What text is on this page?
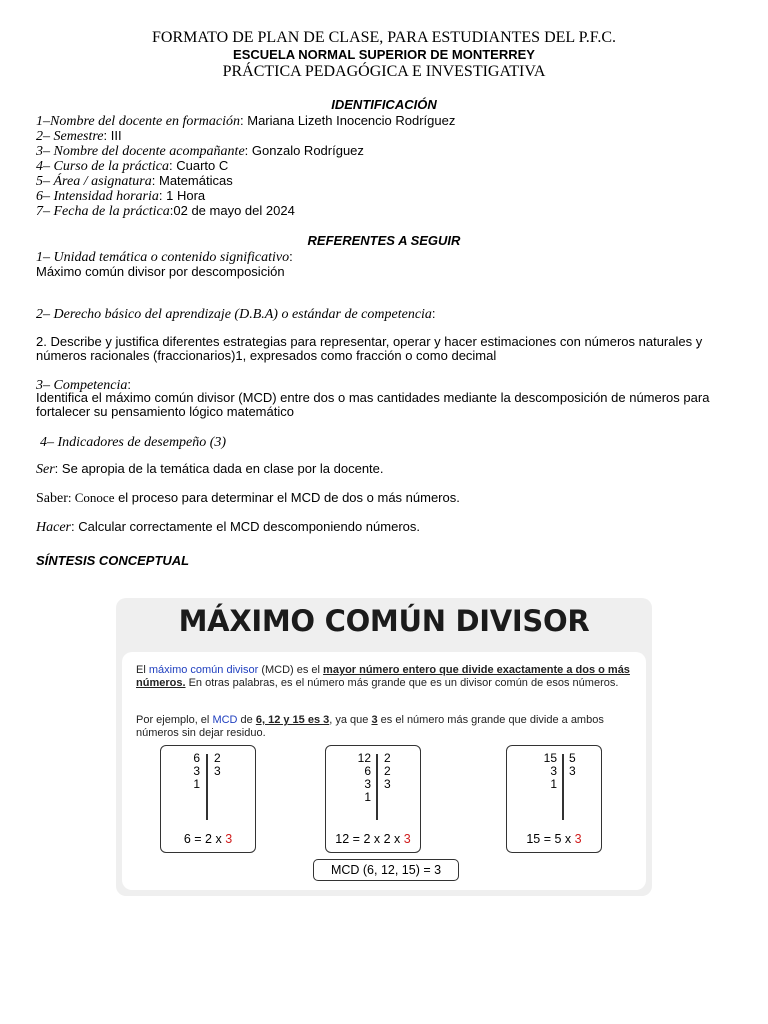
FORMATO DE PLAN DE CLASE, PARA ESTUDIANTES DEL P.F.C.
ESCUELA NORMAL SUPERIOR DE MONTERREY
PRÁCTICA PEDAGÓGICA E INVESTIGATIVA
IDENTIFICACIÓN
1–Nombre del docente en formación: Mariana Lizeth Inocencio Rodríguez
2– Semestre: III
3– Nombre del docente acompañante: Gonzalo Rodríguez
4– Curso de la práctica: Cuarto C
5– Área / asignatura: Matemáticas
6– Intensidad horaria: 1 Hora
7– Fecha de la práctica:02 de mayo del 2024
REFERENTES A SEGUIR
1– Unidad temática o contenido significativo:
Máximo común divisor por descomposición
2– Derecho básico del aprendizaje (D.B.A) o estándar de competencia:
2. Describe y justifica diferentes estrategias para representar, operar y hacer estimaciones con números naturales y números racionales (fraccionarios)1, expresados como fracción o como decimal
3– Competencia:
Identifica el máximo común divisor (MCD) entre dos o mas cantidades mediante la descomposición de números para fortalecer su pensamiento lógico matemático
4– Indicadores de desempeño (3)
Ser: Se apropia de la temática dada en clase por la docente.
Saber: Conoce el proceso para determinar el MCD de dos o más números.
Hacer: Calcular correctamente el MCD descomponiendo números.
SÍNTESIS CONCEPTUAL
MÁXIMO COMÚN DIVISOR
El máximo común divisor (MCD) es el mayor número entero que divide exactamente a dos o más números. En otras palabras, es el número más grande que es un divisor común de esos números.
Por ejemplo, el MCD de 6, 12 y 15 es 3, ya que 3 es el número más grande que divide a ambos números sin dejar residuo.
6
3
1
2
3
6 = 2 x 3
12
6
3
1
2
2
3
12 = 2 x 2 x 3
15
3
1
5
3
15 = 5 x 3
MCD (6, 12, 15) = 3
